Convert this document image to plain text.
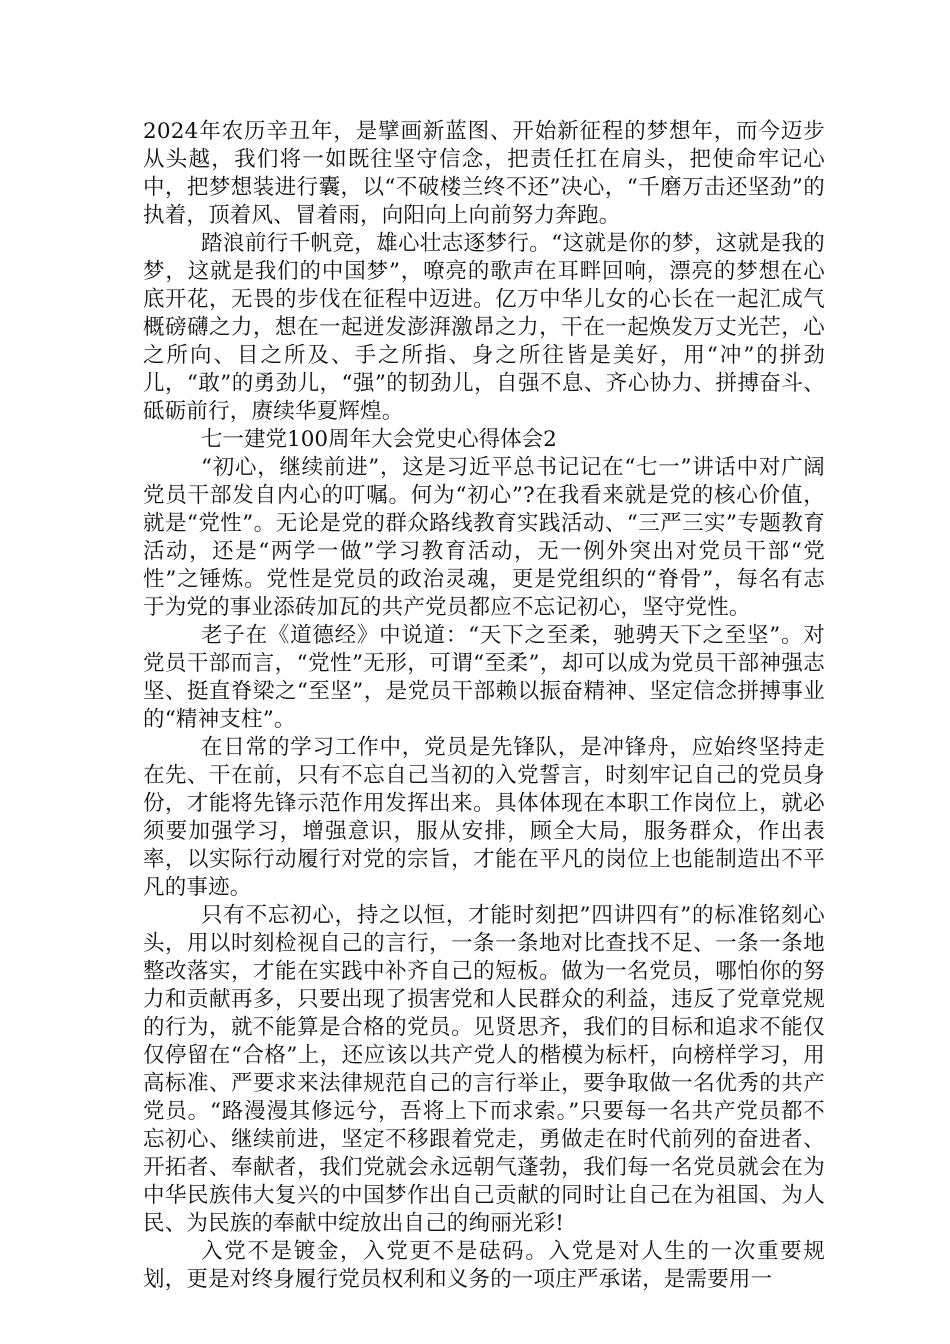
2024年农历辛丑年，是擘画新蓝图、开始新征程的梦想年，而今迈步从头越，我们将一如既往坚守信念，把责任扛在肩头，把使命牢记心中，把梦想装进行囊，以“不破楼兰终不还”决心，“千磨万击还坚劲”的执着，顶着风、冒着雨，向阳向上向前努力奔跑。

踏浪前行千帆竞，雄心壮志逐梦行。“这就是你的梦，这就是我的梦，这就是我们的中国梦”，嘹亮的歌声在耳畔回响，漂亮的梦想在心底开花，无畏的步伐在征程中迈进。亿万中华儿女的心长在一起汇成气概磅礴之力，想在一起迸发澎湃激昂之力，干在一起焕发万丈光芒，心之所向、目之所及、手之所指、身之所往皆是美好，用“冲”的拼劲儿，“敢”的勇劲儿，“强”的韧劲儿，自强不息、齐心协力、拼搏奋斗、砥砺前行，赓续华夏辉煌。

七一建党100周年大会党史心得体会2

“初心，继续前进”，这是习近平总书记记在“七一”讲话中对广阔党员干部发自内心的叮嘱。何为“初心”?在我看来就是党的核心价值，就是“党性”。无论是党的群众路线教育实践活动、“三严三实”专题教育活动，还是“两学一做”学习教育活动，无一例外突出对党员干部“党性”之锤炼。党性是党员的政治灵魂，更是党组织的“脊骨”，每名有志于为党的事业添砖加瓦的共产党员都应不忘记初心，坚守党性。

老子在《道德经》中说道：“天下之至柔，驰骋天下之至坚”。对党员干部而言，“党性”无形，可谓“至柔”，却可以成为党员干部神强志坚、挺直脊梁之“至坚”，是党员干部赖以振奋精神、坚定信念拼搏事业的“精神支柱”。

在日常的学习工作中，党员是先锋队，是冲锋舟，应始终坚持走在先、干在前，只有不忘自己当初的入党誓言，时刻牢记自己的党员身份，才能将先锋示范作用发挥出来。具体体现在本职工作岗位上，就必须要加强学习，增强意识，服从安排，顾全大局，服务群众，作出表率，以实际行动履行对党的宗旨，才能在平凡的岗位上也能制造出不平凡的事迹。

只有不忘初心，持之以恒，才能时刻把”四讲四有”的标准铭刻心头，用以时刻检视自己的言行，一条一条地对比查找不足、一条一条地整改落实，才能在实践中补齐自己的短板。做为一名党员，哪怕你的努力和贡献再多，只要出现了损害党和人民群众的利益，违反了党章党规的行为，就不能算是合格的党员。见贤思齐，我们的目标和追求不能仅仅停留在“合格”上，还应该以共产党人的楷模为标杆，向榜样学习，用高标准、严要求来法律规范自己的言行举止，要争取做一名优秀的共产党员。“路漫漫其修远兮，吾将上下而求索。”只要每一名共产党员都不忘初心、继续前进，坚定不移跟着党走，勇做走在时代前列的奋进者、开拓者、奉献者，我们党就会永远朝气蓬勃，我们每一名党员就会在为中华民族伟大复兴的中国梦作出自己贡献的同时让自己在为祖国、为人民、为民族的奉献中绽放出自己的绚丽光彩!

入党不是镀金，入党更不是砝码。入党是对人生的一次重要规划，更是对终身履行党员权利和义务的一项庄严承诺，是需要用一
